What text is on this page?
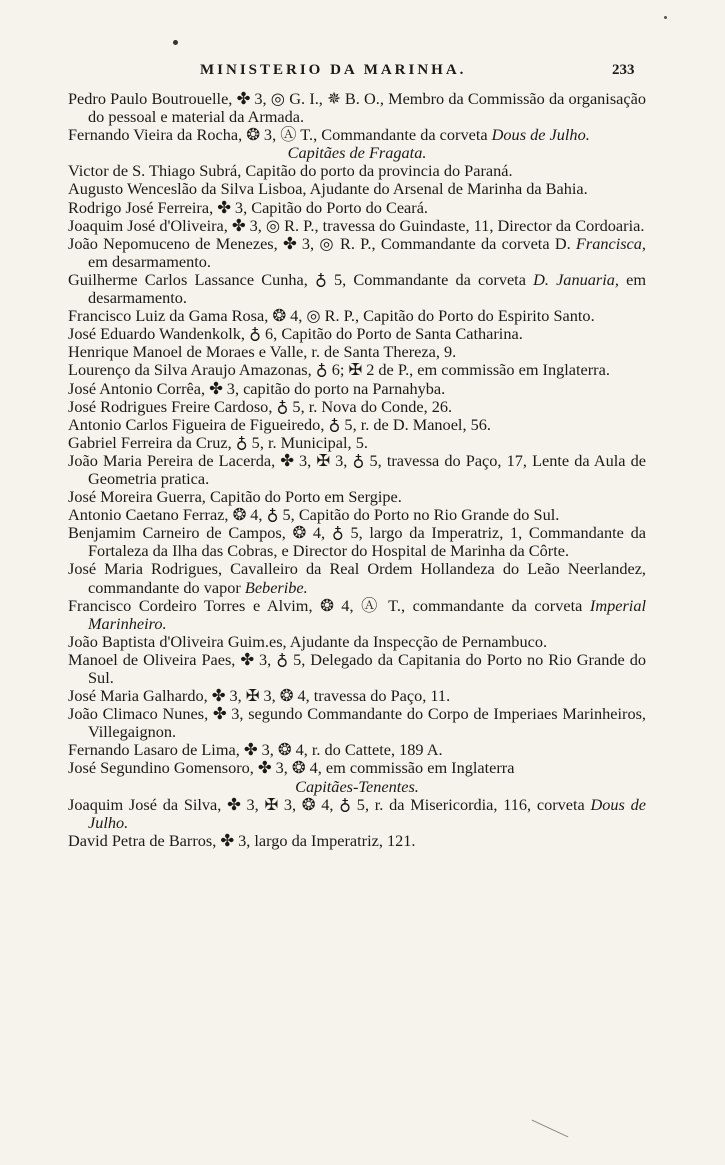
MINISTERIO DA MARINHA.	233
Pedro Paulo Boutrouelle, ✤ 3, ◎ G. I., ✵ B. O., Membro da Commissão da organisação do pessoal e material da Armada.
Fernando Vieira da Rocha, ❂ 3, Ⓐ T., Commandante da corveta Dous de Julho.
Capitães de Fragata.
Victor de S. Thiago Subrá, Capitão do porto da provincia do Paraná.
Augusto Wenceslão da Silva Lisboa, Ajudante do Arsenal de Marinha da Bahia.
Rodrigo José Ferreira, ✤ 3, Capitão do Porto do Ceará.
Joaquim José d'Oliveira, ✤ 3, ◎ R. P., travessa do Guindaste, 11, Director da Cordoaria.
João Nepomuceno de Menezes, ✤ 3, ◎ R. P., Commandante da corveta D. Francisca, em desarmamento.
Guilherme Carlos Lassance Cunha, ♁ 5, Commandante da corveta D. Januaria, em desarmamento.
Francisco Luiz da Gama Rosa, ❂ 4, ◎ R. P., Capitão do Porto do Espirito Santo.
José Eduardo Wandenkolk, ♁ 6, Capitão do Porto de Santa Catharina.
Henrique Manoel de Moraes e Valle, r. de Santa Thereza, 9.
Lourenço da Silva Araujo Amazonas, ♁ 6; ✠ 2 de P., em commissão em Inglaterra.
José Antonio Corrêa, ✤ 3, capitão do porto na Parnahyba.
José Rodrigues Freire Cardoso, ♁ 5, r. Nova do Conde, 26.
Antonio Carlos Figueira de Figueiredo, ♁ 5, r. de D. Manoel, 56.
Gabriel Ferreira da Cruz, ♁ 5, r. Municipal, 5.
João Maria Pereira de Lacerda, ✤ 3, ✠ 3, ♁ 5, travessa do Paço, 17, Lente da Aula de Geometria pratica.
José Moreira Guerra, Capitão do Porto em Sergipe.
Antonio Caetano Ferraz, ❂ 4, ♁ 5, Capitão do Porto no Rio Grande do Sul.
Benjamim Carneiro de Campos, ❂ 4, ♁ 5, largo da Imperatriz, 1, Commandante da Fortaleza da Ilha das Cobras, e Director do Hospital de Marinha da Côrte.
José Maria Rodrigues, Cavalleiro da Real Ordem Hollandeza do Leão Neerlandez, commandante do vapor Beberibe.
Francisco Cordeiro Torres e Alvim, ❂ 4, Ⓐ T., commandante da corveta Imperial Marinheiro.
João Baptista d'Oliveira Guim.es, Ajudante da Inspecção de Pernambuco.
Manoel de Oliveira Paes, ✤ 3, ♁ 5, Delegado da Capitania do Porto no Rio Grande do Sul.
José Maria Galhardo, ✤ 3, ✠ 3, ❂ 4, travessa do Paço, 11.
João Climaco Nunes, ✤ 3, segundo Commandante do Corpo de Imperiaes Marinheiros, Villegaignon.
Fernando Lasaro de Lima, ✤ 3, ❂ 4, r. do Cattete, 189 A.
José Segundino Gomensoro, ✤ 3, ❂ 4, em commissão em Inglaterra
Capitães-Tenentes.
Joaquim José da Silva, ✤ 3, ✠ 3, ❂ 4, ♁ 5, r. da Misericordia, 116, corveta Dous de Julho.
David Petra de Barros, ✤ 3, largo da Imperatriz, 121.
